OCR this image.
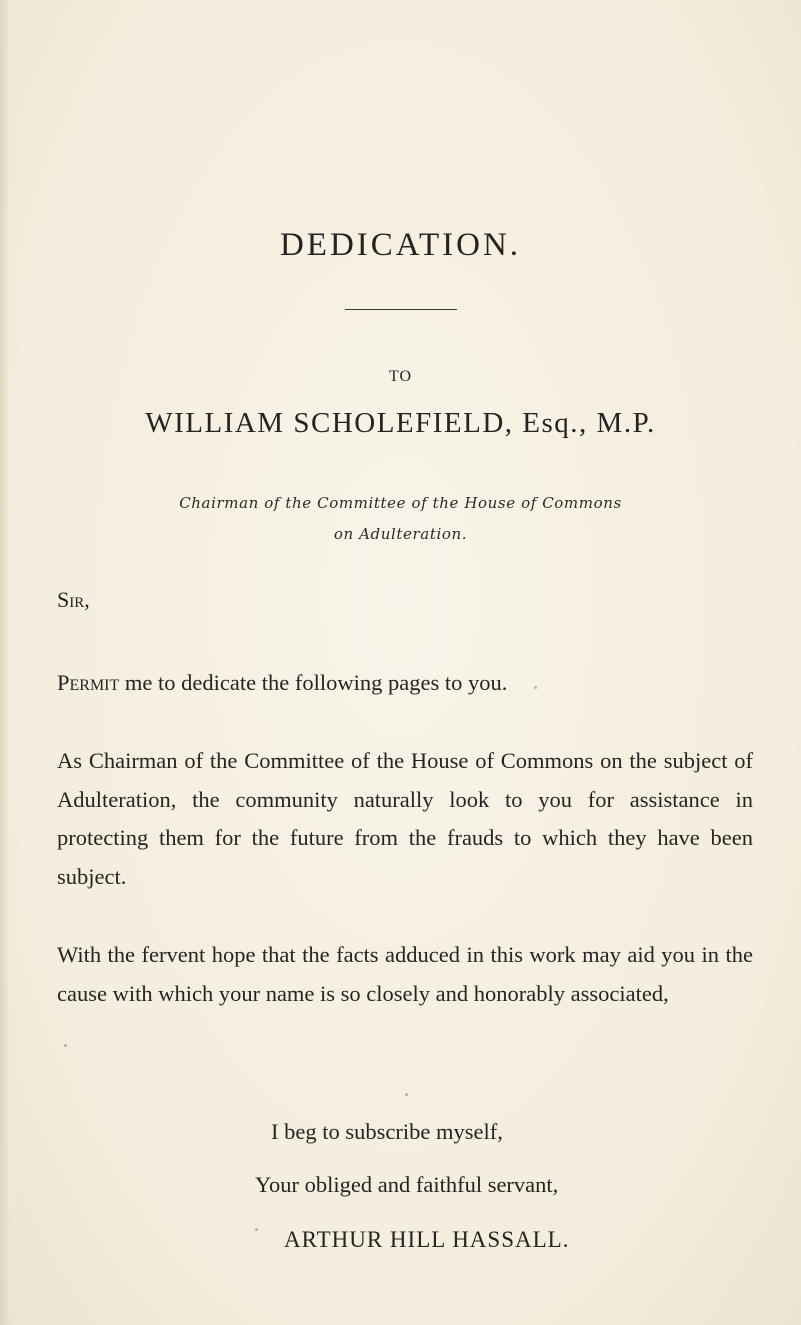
DEDICATION.
TO
WILLIAM SCHOLEFIELD, Esq., M.P.
Chairman of the Committee of the House of Commons
on Adulteration.
Sir,
Permit me to dedicate the following pages to you.
As Chairman of the Committee of the House of Commons on the subject of Adulteration, the community naturally look to you for assistance in protecting them for the future from the frauds to which they have been subject.
With the fervent hope that the facts adduced in this work may aid you in the cause with which your name is so closely and honorably associated,
I beg to subscribe myself,
Your obliged and faithful servant,
ARTHUR HILL HASSALL.
